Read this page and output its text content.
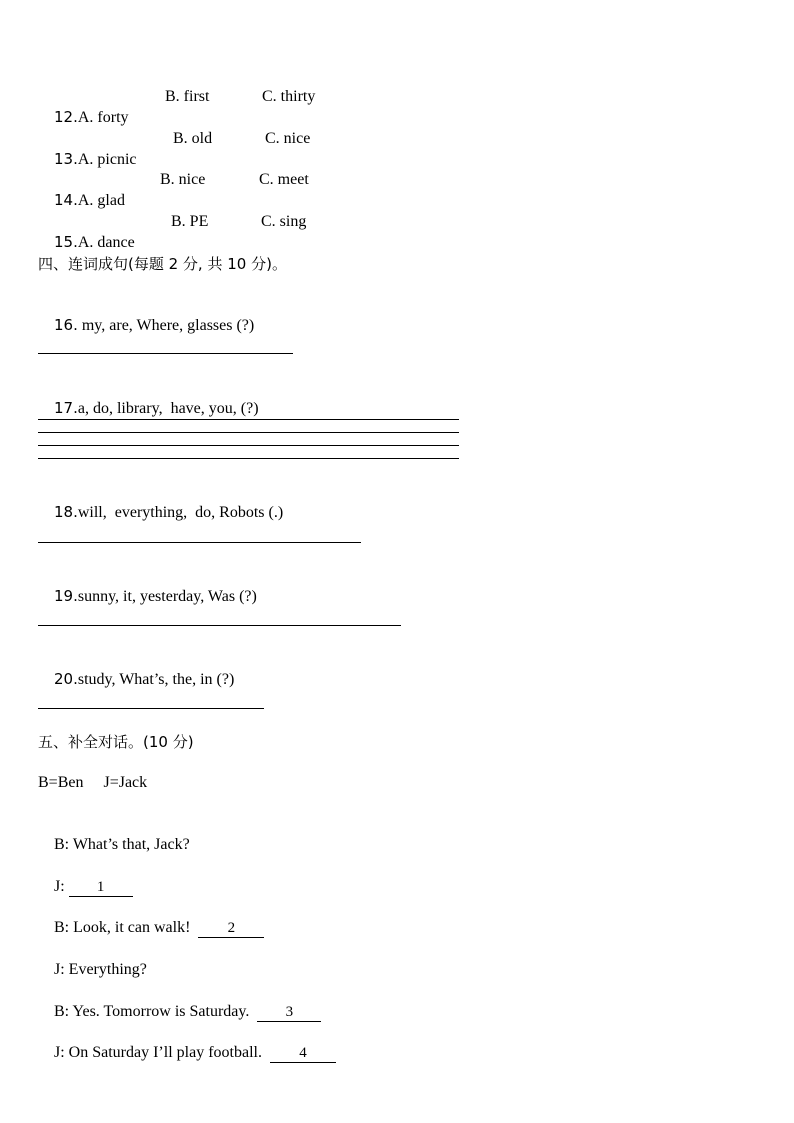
12.A. forty

B. first

	C. thirty

13.A. picnic

B. old

	C. nice

14.A. glad

B. nice

	C. meet

15.A. dance

B. PE

	C. sing

四、连词成句(每题 2 分, 共 10 分)。

16. my, are, Where, glasses (?)

17.a, do, library,  have, you, (?)

18.will,  everything,  do, Robots (.)

19.sunny, it, yesterday, Was (?)

20.study, What’s, the, in (?)

五、补全对话。(10 分)
B=Ben     J=Jack

B: What’s that, Jack?

J: 1

B: Look, it can walk!  2

J: Everything?

B: Yes. Tomorrow is Saturday.  3

J: On Saturday I’ll play football.  4
